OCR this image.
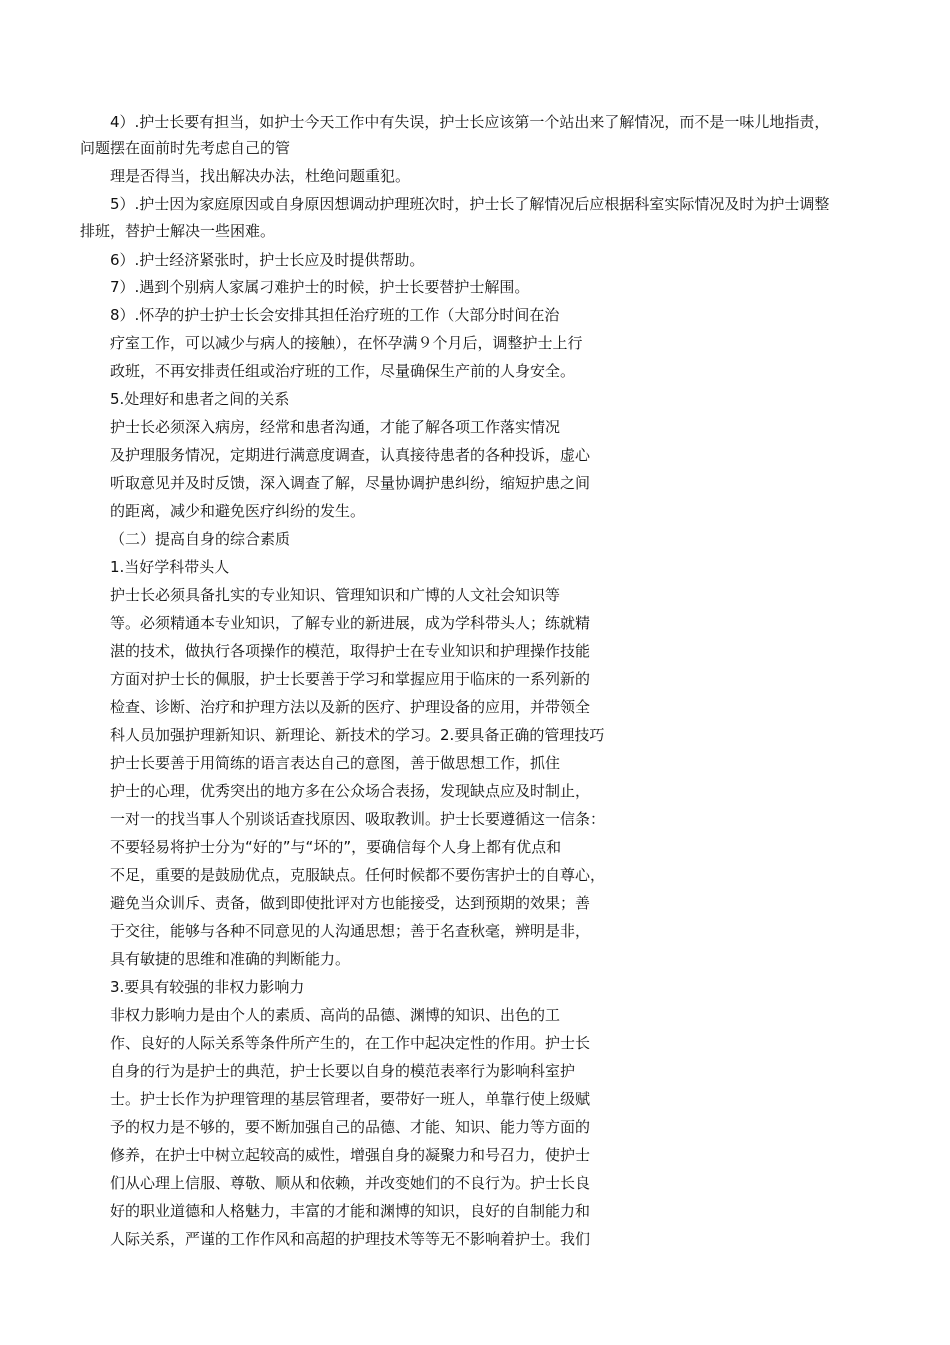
4）.护士长要有担当，如护士今天工作中有失误，护士长应该第一个站出来了解情况，而不是一味儿地指责，
问题摆在面前时先考虑自己的管
理是否得当，找出解决办法，杜绝问题重犯。
5）.护士因为家庭原因或自身原因想调动护理班次时，护士长了解情况后应根据科室实际情况及时为护士调整
排班，替护士解决一些困难。
6）.护士经济紧张时，护士长应及时提供帮助。
7）.遇到个别病人家属刁难护士的时候，护士长要替护士解围。
8）.怀孕的护士护士长会安排其担任治疗班的工作（大部分时间在治
疗室工作，可以减少与病人的接触），在怀孕满９个月后，调整护士上行
政班，不再安排责任组或治疗班的工作，尽量确保生产前的人身安全。
5.处理好和患者之间的关系
护士长必须深入病房，经常和患者沟通，才能了解各项工作落实情况
及护理服务情况，定期进行满意度调查，认真接待患者的各种投诉，虚心
听取意见并及时反馈，深入调查了解，尽量协调护患纠纷，缩短护患之间
的距离，减少和避免医疗纠纷的发生。
（二）提高自身的综合素质
1.当好学科带头人
护士长必须具备扎实的专业知识、管理知识和广博的人文社会知识等
等。必须精通本专业知识，了解专业的新进展，成为学科带头人；练就精
湛的技术，做执行各项操作的模范，取得护士在专业知识和护理操作技能
方面对护士长的佩服，护士长要善于学习和掌握应用于临床的一系列新的
检查、诊断、治疗和护理方法以及新的医疗、护理设备的应用，并带领全
科人员加强护理新知识、新理论、新技术的学习。2.要具备正确的管理技巧
护士长要善于用简练的语言表达自己的意图，善于做思想工作，抓住
护士的心理，优秀突出的地方多在公众场合表扬，发现缺点应及时制止，
一对一的找当事人个别谈话查找原因、吸取教训。护士长要遵循这一信条：
不要轻易将护士分为“好的”与“坏的”，要确信每个人身上都有优点和
不足，重要的是鼓励优点，克服缺点。任何时候都不要伤害护士的自尊心，
避免当众训斥、责备，做到即使批评对方也能接受，达到预期的效果；善
于交往，能够与各种不同意见的人沟通思想；善于名查秋毫，辨明是非，
具有敏捷的思维和准确的判断能力。
3.要具有较强的非权力影响力
非权力影响力是由个人的素质、高尚的品德、渊博的知识、出色的工
作、良好的人际关系等条件所产生的，在工作中起决定性的作用。护士长
自身的行为是护士的典范，护士长要以自身的模范表率行为影响科室护
士。护士长作为护理管理的基层管理者，要带好一班人，单靠行使上级赋
予的权力是不够的，要不断加强自己的品德、才能、知识、能力等方面的
修养，在护士中树立起较高的威性，增强自身的凝聚力和号召力，使护士
们从心理上信服、尊敬、顺从和依赖，并改变她们的不良行为。护士长良
好的职业道德和人格魅力，丰富的才能和渊博的知识，良好的自制能力和
人际关系，严谨的工作作风和高超的护理技术等等无不影响着护士。我们
